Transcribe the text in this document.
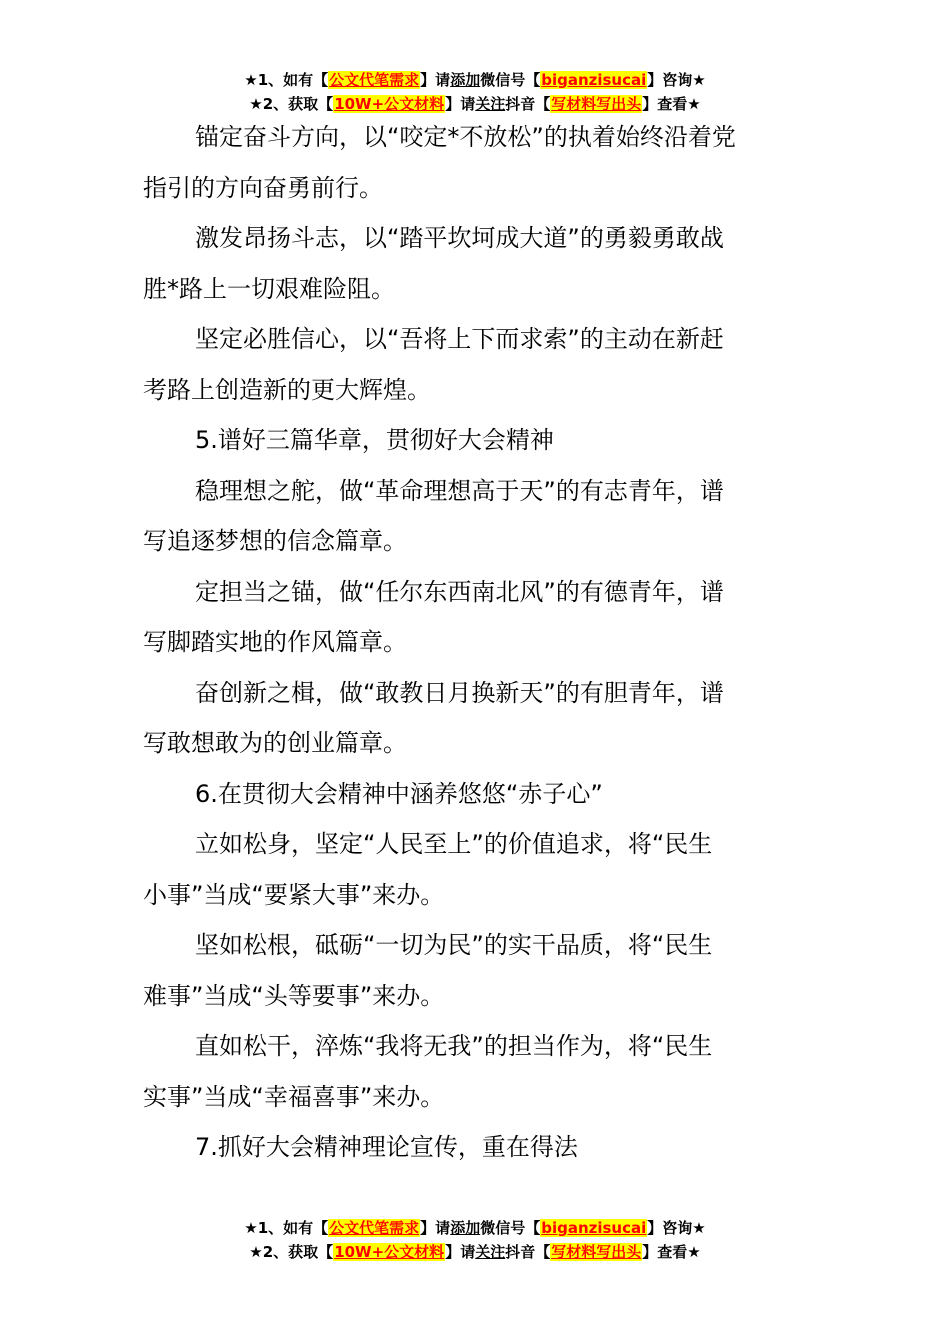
★1、如有【公文代笔需求】请添加微信号【biganzisucai】咨询★
★2、获取【10W+公文材料】请关注抖音【写材料写出头】查看★

锚定奋斗方向，以“咬定*不放松”的执着始终沿着党

指引的方向奋勇前行。

激发昂扬斗志，以“踏平坎坷成大道”的勇毅勇敢战

胜*路上一切艰难险阻。

坚定必胜信心，以“吾将上下而求索”的主动在新赶

考路上创造新的更大辉煌。

5.谱好三篇华章，贯彻好大会精神

稳理想之舵，做“革命理想高于天”的有志青年，谱

写追逐梦想的信念篇章。

定担当之锚，做“任尔东西南北风”的有德青年，谱

写脚踏实地的作风篇章。

奋创新之楫，做“敢教日月换新天”的有胆青年，谱

写敢想敢为的创业篇章。

6.在贯彻大会精神中涵养悠悠“赤子心”

立如松身，坚定“人民至上”的价值追求，将“民生

小事”当成“要紧大事”来办。

坚如松根，砥砺“一切为民”的实干品质，将“民生

难事”当成“头等要事”来办。

直如松干，淬炼“我将无我”的担当作为，将“民生

实事”当成“幸福喜事”来办。

7.抓好大会精神理论宣传，重在得法

★1、如有【公文代笔需求】请添加微信号【biganzisucai】咨询★
★2、获取【10W+公文材料】请关注抖音【写材料写出头】查看★
